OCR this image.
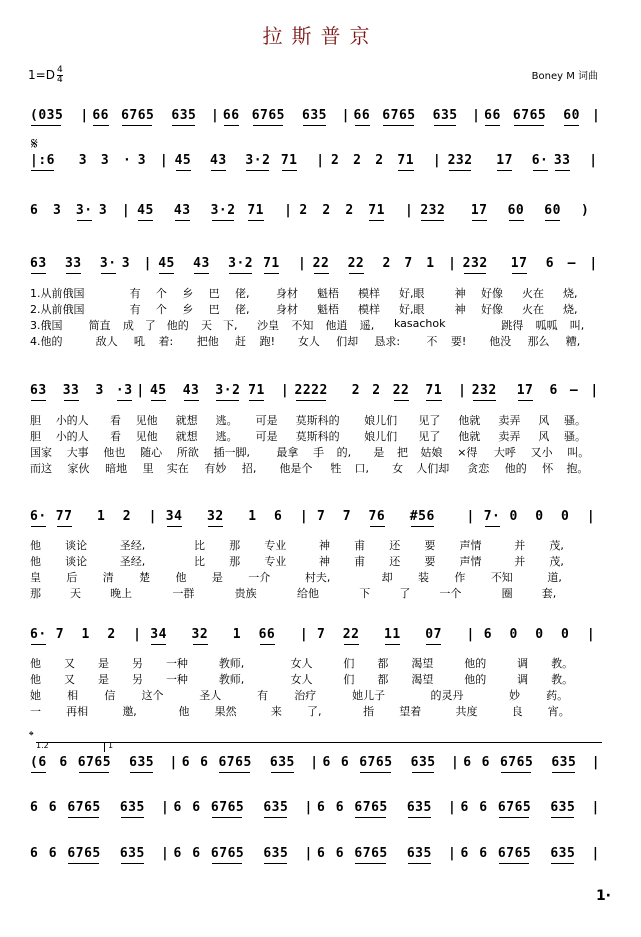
拉斯普京
$1=D \frac{4}{4}$	Boney M 词曲
𝄋
𝄌
1.2	1
(035 | 66 6765 635 | 66 6765 635 | 66 6765 635 | 66 6765 60 |
|:6 3 3 · 3 | 45 43 3·2 71 | 2 2 2 71 | 232 17 6· 33 |
6 3 3· 3 | 45 43 3·2 71 | 2 2 2 71 | 232 17 60 60 )
63 33 3· 3 | 45 43 3·2 71 | 22 22 2 7 1 | 232 17 6 – |
63 33 3 ·3 | 45 43 3·2 71 | 2222 2 2 22 71 | 232 17 6 – |
6· 77 1 2 | 34 32 1 6 | 7 7 76 #56 | 7· 0 0 0 |
6· 7 1 2 | 34 32 1 66 | 7 22 11 07 | 6 0 0 0 |
(6 6 6765 635 | 6 6 6765 635 | 6 6 6765 635 | 6 6 6765 635 |
6 6 6765 635 | 6 6 6765 635 | 6 6 6765 635 | 6 6 6765 635 |
6 6 6765 635 | 6 6 6765 635 | 6 6 6765 635 | 6 6 6765 635 |
1.从前俄国	有 个 乡 巴 佬, 身材 魁梧 模样 好,眼	神 好像 火在 烧,
2.从前俄国	有 个 乡 巴 佬, 身材 魁梧 模样 好,眼	神 好像 火在 烧,
3.俄国 简直 成 了 他的 天 下, 沙皇 不知 他逍 遥, kasachok	跳得 呱呱 叫,
4.他的	敌人 吼 着: 把他 赶 跑! 女人 们却 恳求: 不 要! 他没 那么 糟,
胆 小的人 看 见他 就想 逃。 可是 莫斯科的 娘儿们 见了 他就 卖弄 风 骚。
胆 小的人 看 见他 就想 逃。 可是 莫斯科的 娘儿们 见了 他就 卖弄 风 骚。
国家 大事 他也 随心 所欲 插一脚, 最拿 手 的, 是 把 姑娘 ×得 大呼 又小 叫。
而这 家伙 暗地 里 实在 有妙 招, 他是个 牲 口, 女 人们却 贪恋 他的 怀 抱。
他 谈论	圣经,	比 那 专业	神 甫 还 要 声情	并 茂,
他 谈论	圣经,	比 那 专业	神 甫 还 要 声情	并 茂,
皇 后 清 楚 他 是 一介	村夫,	却 装 作 不知	道,
那	天	晚上	一群	贵族	给他	下	了	一个	圈	套,
他 又 是 另 一种	教师,	女人	们 都 渴望	他的	调 教。
他 又 是 另 一种	教师,	女人	们 都 渴望	他的	调 教。
她 相 信 这个	圣人	有 治疗	她儿子	的灵丹	妙 药。
一 再相	邀,	他 果然	来 了,	指 望着	共度	良 宵。
1·
